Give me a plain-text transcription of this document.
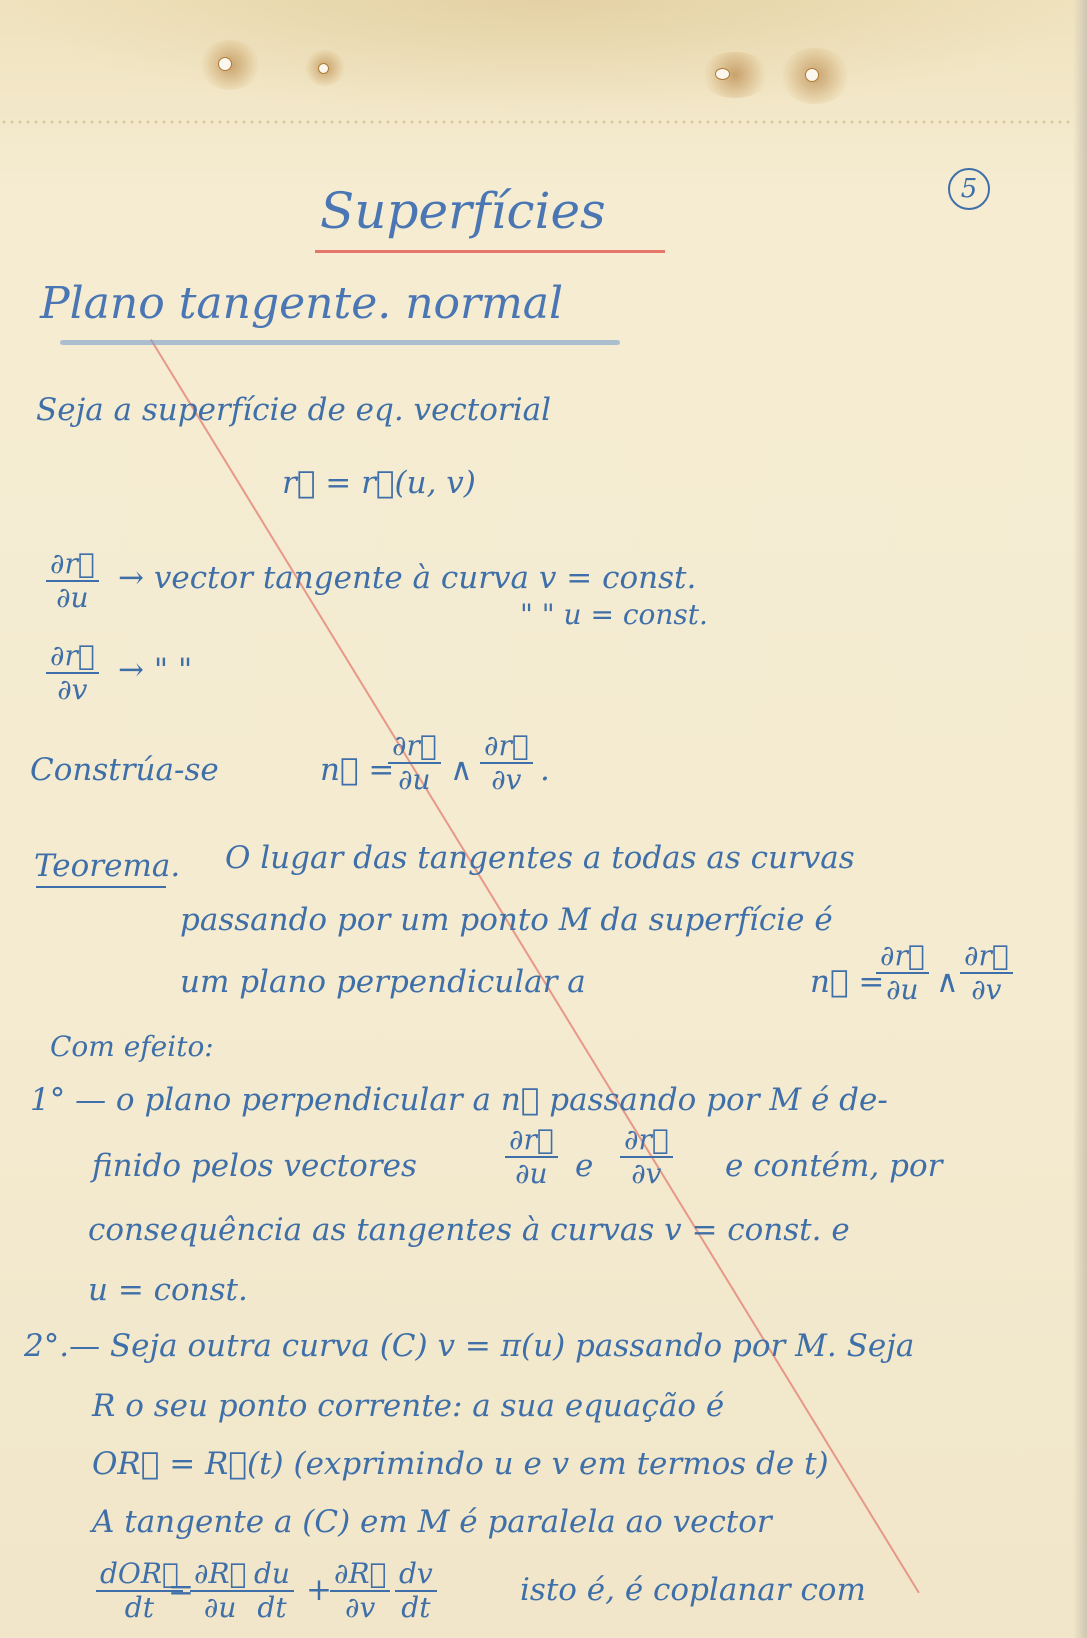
5
Superfícies
Plano tangente. normal
Seja a superfície de eq. vectorial
r⃗ = r⃗(u, v)
$\frac{\partial r⃗}{\partial u}$ → vector tangente à curva v = const.
" " u = const.
$\frac{\partial r⃗}{\partial v}$ → " "
Constrúa-se	n⃗ =
$\frac{\partial r⃗}{\partial u}$ ∧ $\frac{\partial r⃗}{\partial v}$ .
Teorema. O lugar das tangentes a todas as curvas
passando por um ponto M da superfície é
um plano perpendicular a	n⃗ =
$\frac{\partial r⃗}{\partial u}$ ∧ $\frac{\partial r⃗}{\partial v}$
Com efeito:
1° — o plano perpendicular a n⃗ passando por M é de-
finido pelos vectores	$\frac{\partial r⃗}{\partial u}$ e $\frac{\partial r⃗}{\partial v}$ e contém, por
consequência as tangentes à curvas v = const. e
u = const.
2°.— Seja outra curva (C) v = π(u) passando por M. Seja
R o seu ponto corrente: a sua equação é
OR⃗ = R⃗(t) (exprimindo u e v em termos de t)
A tangente a (C) em M é paralela ao vector
dOR⃗
dt =
$\frac{\partial R⃗}{\partial u} \frac{du}{dt}$ +
$\frac{\partial R⃗}{\partial v} \frac{dv}{dt}$	isto é, é coplanar com
